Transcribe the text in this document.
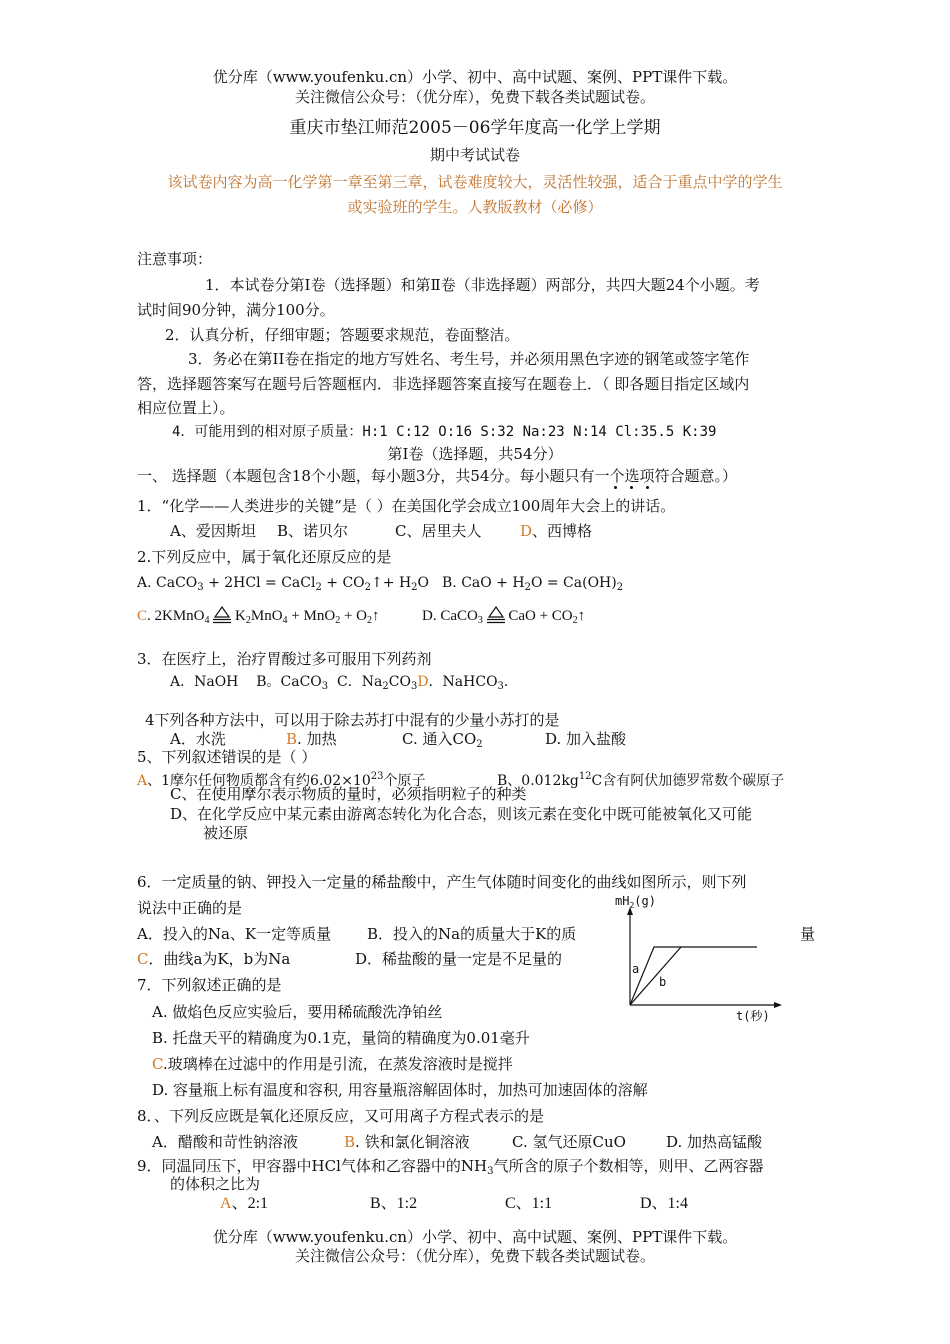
优分库（www.youfenku.cn）小学、初中、高中试题、案例、PPT课件下载。
关注微信公众号：（优分库），免费下载各类试题试卷。
重庆市垫江师范2005－06学年度高一化学上学期
期中考试试卷
该试卷内容为高一化学第一章至第三章，试卷难度较大，灵活性较强，适合于重点中学的学生
或实验班的学生。人教版教材（必修）
注意事项：
1．本试卷分第Ⅰ卷（选择题）和第Ⅱ卷（非选择题）两部分，共四大题24个小题。考
试时间90分钟，满分100分。
2．认真分析，仔细审题；答题要求规范，卷面整洁。
3．务必在第II卷在指定的地方写姓名、考生号，并必须用黑色字迹的钢笔或签字笔作
答，选择题答案写在题号后答题框内．非选择题答案直接写在题卷上．（ 即各题目指定区域内
相应位置上）。
4．可能用到的相对原子质量：H:1 C:12 O:16 S:32 Na:23 N:14 Cl:35.5 K:39
第Ⅰ卷（选择题，共54分）
一、 选择题（本题包含18个小题，每小题3分，共54分。每小题只有一个选项符合题意。）
1．“化学——人类进步的关键”是（ ）在美国化学会成立100周年大会上的讲话。
A、爱因斯坦 B、诺贝尔	C、居里夫人	D、西博格
2.下列反应中，属于氧化还原反应的是
A. CaCO$_3$ + 2HCl = CaCl$_2$ + $CO_2↑+ H_2O$ B. CaO + $H_2O = Ca(OH)_2$
C. 2KMnO$_4$
$K_2MnO_4 + MnO_2$ + $O_2↑$	D. CaCO$_3$
CaO + $CO_2↑$
3．在医疗上，治疗胃酸过多可服用下列药剂
A．NaOH B。CaCO$_3$ C．$Na_2CO_3D$．NaHCO$_3$.
4下列各种方法中，可以用于除去苏打中混有的少量小苏打的是
A．水洗	B. 加热	C. 通入$CO_2$	D. 加入盐酸
5、下列叙述错误的是（ ）
A、1摩尔任何物质都含有约$6.02\times 10^{23}$个原子	B、$0.012kg^{12}C$含有阿伏加德罗常数个碳原子
C、在使用摩尔表示物质的量时，必须指明粒子的种类
D、在化学反应中某元素由游离态转化为化合态，则该元素在变化中既可能被氧化又可能
被还原
6．一定质量的钠、钾投入一定量的稀盐酸中，产生气体随时间变化的曲线如图所示，则下列
说法中正确的是
A．投入的Na、K一定等质量 B．投入的Na的质量大于K的质	量
C．曲线a为K，b为Na	D．稀盐酸的量一定是不足量的
$mH_2(g)$
t(秒)
a
b
7．下列叙述正确的是
A. 做焰色反应实验后，要用稀硫酸洗净铂丝
B. 托盘天平的精确度为0.1克，量筒的精确度为0.01毫升
C.玻璃棒在过滤中的作用是引流，在蒸发溶液时是搅拌
D. 容量瓶上标有温度和容积, 用容量瓶溶解固体时，加热可加速固体的溶解
8．、下列反应既是氧化还原反应，又可用离子方程式表示的是
A．醋酸和苛性钠溶液	B. 铁和氯化铜溶液	C. 氢气还原CuO	D. 加热高锰酸
9．同温同压下，甲容器中HCl气体和乙容器中的$NH_3$气所含的原子个数相等，则甲、乙两容器
的体积之比为
A、2:1	B、1:2	C、1:1	D、1:4
优分库（www.youfenku.cn）小学、初中、高中试题、案例、PPT课件下载。
关注微信公众号：（优分库），免费下载各类试题试卷。
